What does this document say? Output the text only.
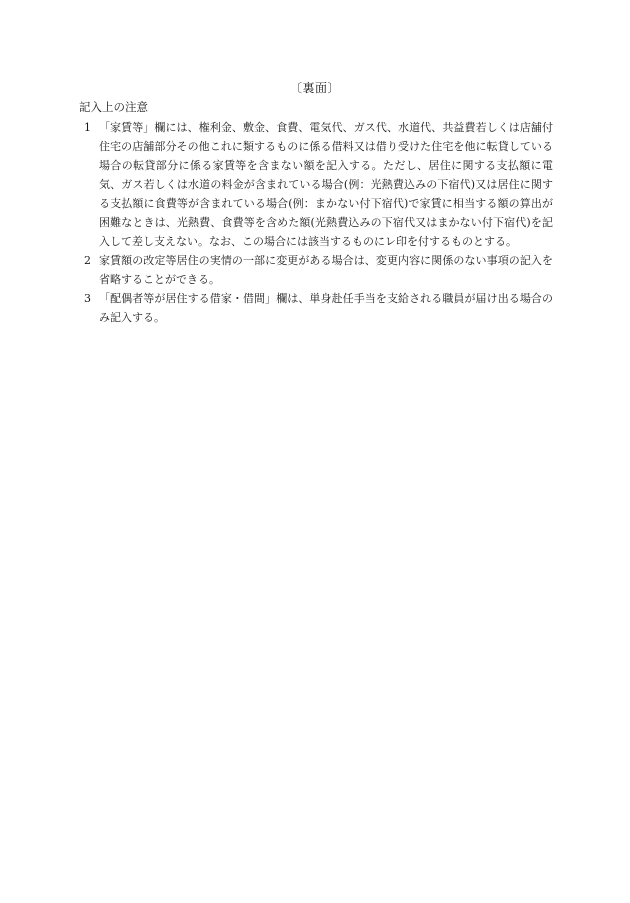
〔裏面〕
記入上の注意
1 「家賃等」欄には、権利金、敷金、食費、電気代、ガス代、水道代、共益費若しくは店舗付住宅の店舗部分その他これに類するものに係る借料又は借り受けた住宅を他に転貸している場合の転貸部分に係る家賃等を含まない額を記入する。ただし、居住に関する支払額に電気、ガス若しくは水道の料金が含まれている場合(例：光熱費込みの下宿代)又は居住に関する支払額に食費等が含まれている場合(例：まかない付下宿代)で家賃に相当する額の算出が困難なときは、光熱費、食費等を含めた額(光熱費込みの下宿代又はまかない付下宿代)を記入して差し支えない。なお、この場合には該当するものにレ印を付するものとする。
2 家賃額の改定等居住の実情の一部に変更がある場合は、変更内容に関係のない事項の記入を省略することができる。
3 「配偶者等が居住する借家・借間」欄は、単身赴任手当を支給される職員が届け出る場合のみ記入する。
